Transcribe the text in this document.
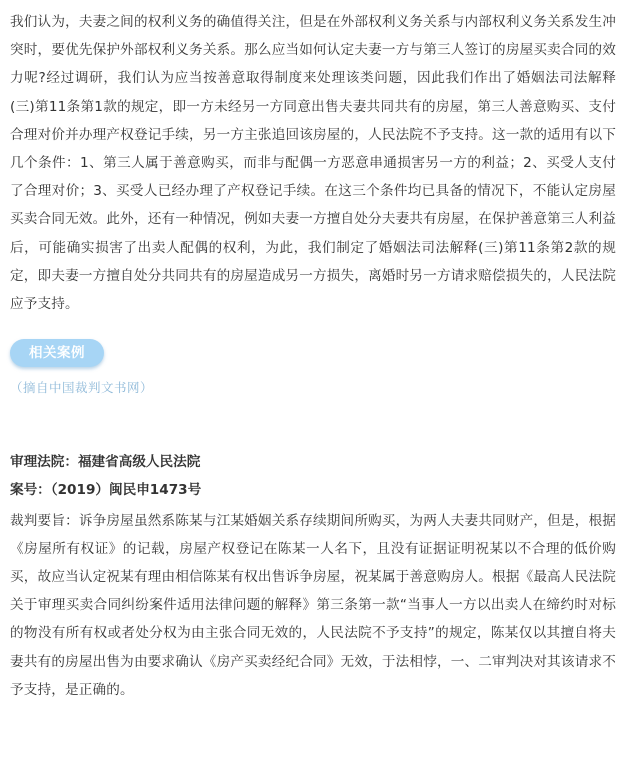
我们认为，夫妻之间的权利义务的确值得关注，但是在外部权利义务关系与内部权利义务关系发生冲突时，要优先保护外部权利义务关系。那么应当如何认定夫妻一方与第三人签订的房屋买卖合同的效力呢?经过调研，我们认为应当按善意取得制度来处理该类问题，因此我们作出了婚姻法司法解释(三)第11条第1款的规定，即一方未经另一方同意出售夫妻共同共有的房屋，第三人善意购买、支付合理对价并办理产权登记手续，另一方主张追回该房屋的，人民法院不予支持。这一款的适用有以下几个条件：1、第三人属于善意购买，而非与配偶一方恶意串通损害另一方的利益；2、买受人支付了合理对价；3、买受人已经办理了产权登记手续。在这三个条件均已具备的情况下，不能认定房屋买卖合同无效。此外，还有一种情况，例如夫妻一方擅自处分夫妻共有房屋，在保护善意第三人利益后，可能确实损害了出卖人配偶的权利，为此，我们制定了婚姻法司法解释(三)第11条第2款的规定，即夫妻一方擅自处分共同共有的房屋造成另一方损失，离婚时另一方请求赔偿损失的，人民法院应予支持。

相关案例
（摘自中国裁判文书网）

审理法院：福建省高级人民法院

案号：（2019）闽民申1473号

裁判要旨：诉争房屋虽然系陈某与江某婚姻关系存续期间所购买，为两人夫妻共同财产，但是，根据《房屋所有权证》的记载，房屋产权登记在陈某一人名下，且没有证据证明祝某以不合理的低价购买，故应当认定祝某有理由相信陈某有权出售诉争房屋，祝某属于善意购房人。根据《最高人民法院关于审理买卖合同纠纷案件适用法律问题的解释》第三条第一款“当事人一方以出卖人在缔约时对标的物没有所有权或者处分权为由主张合同无效的，人民法院不予支持”的规定，陈某仅以其擅自将夫妻共有的房屋出售为由要求确认《房产买卖经纪合同》无效，于法相悖，一、二审判决对其该请求不予支持，是正确的。
